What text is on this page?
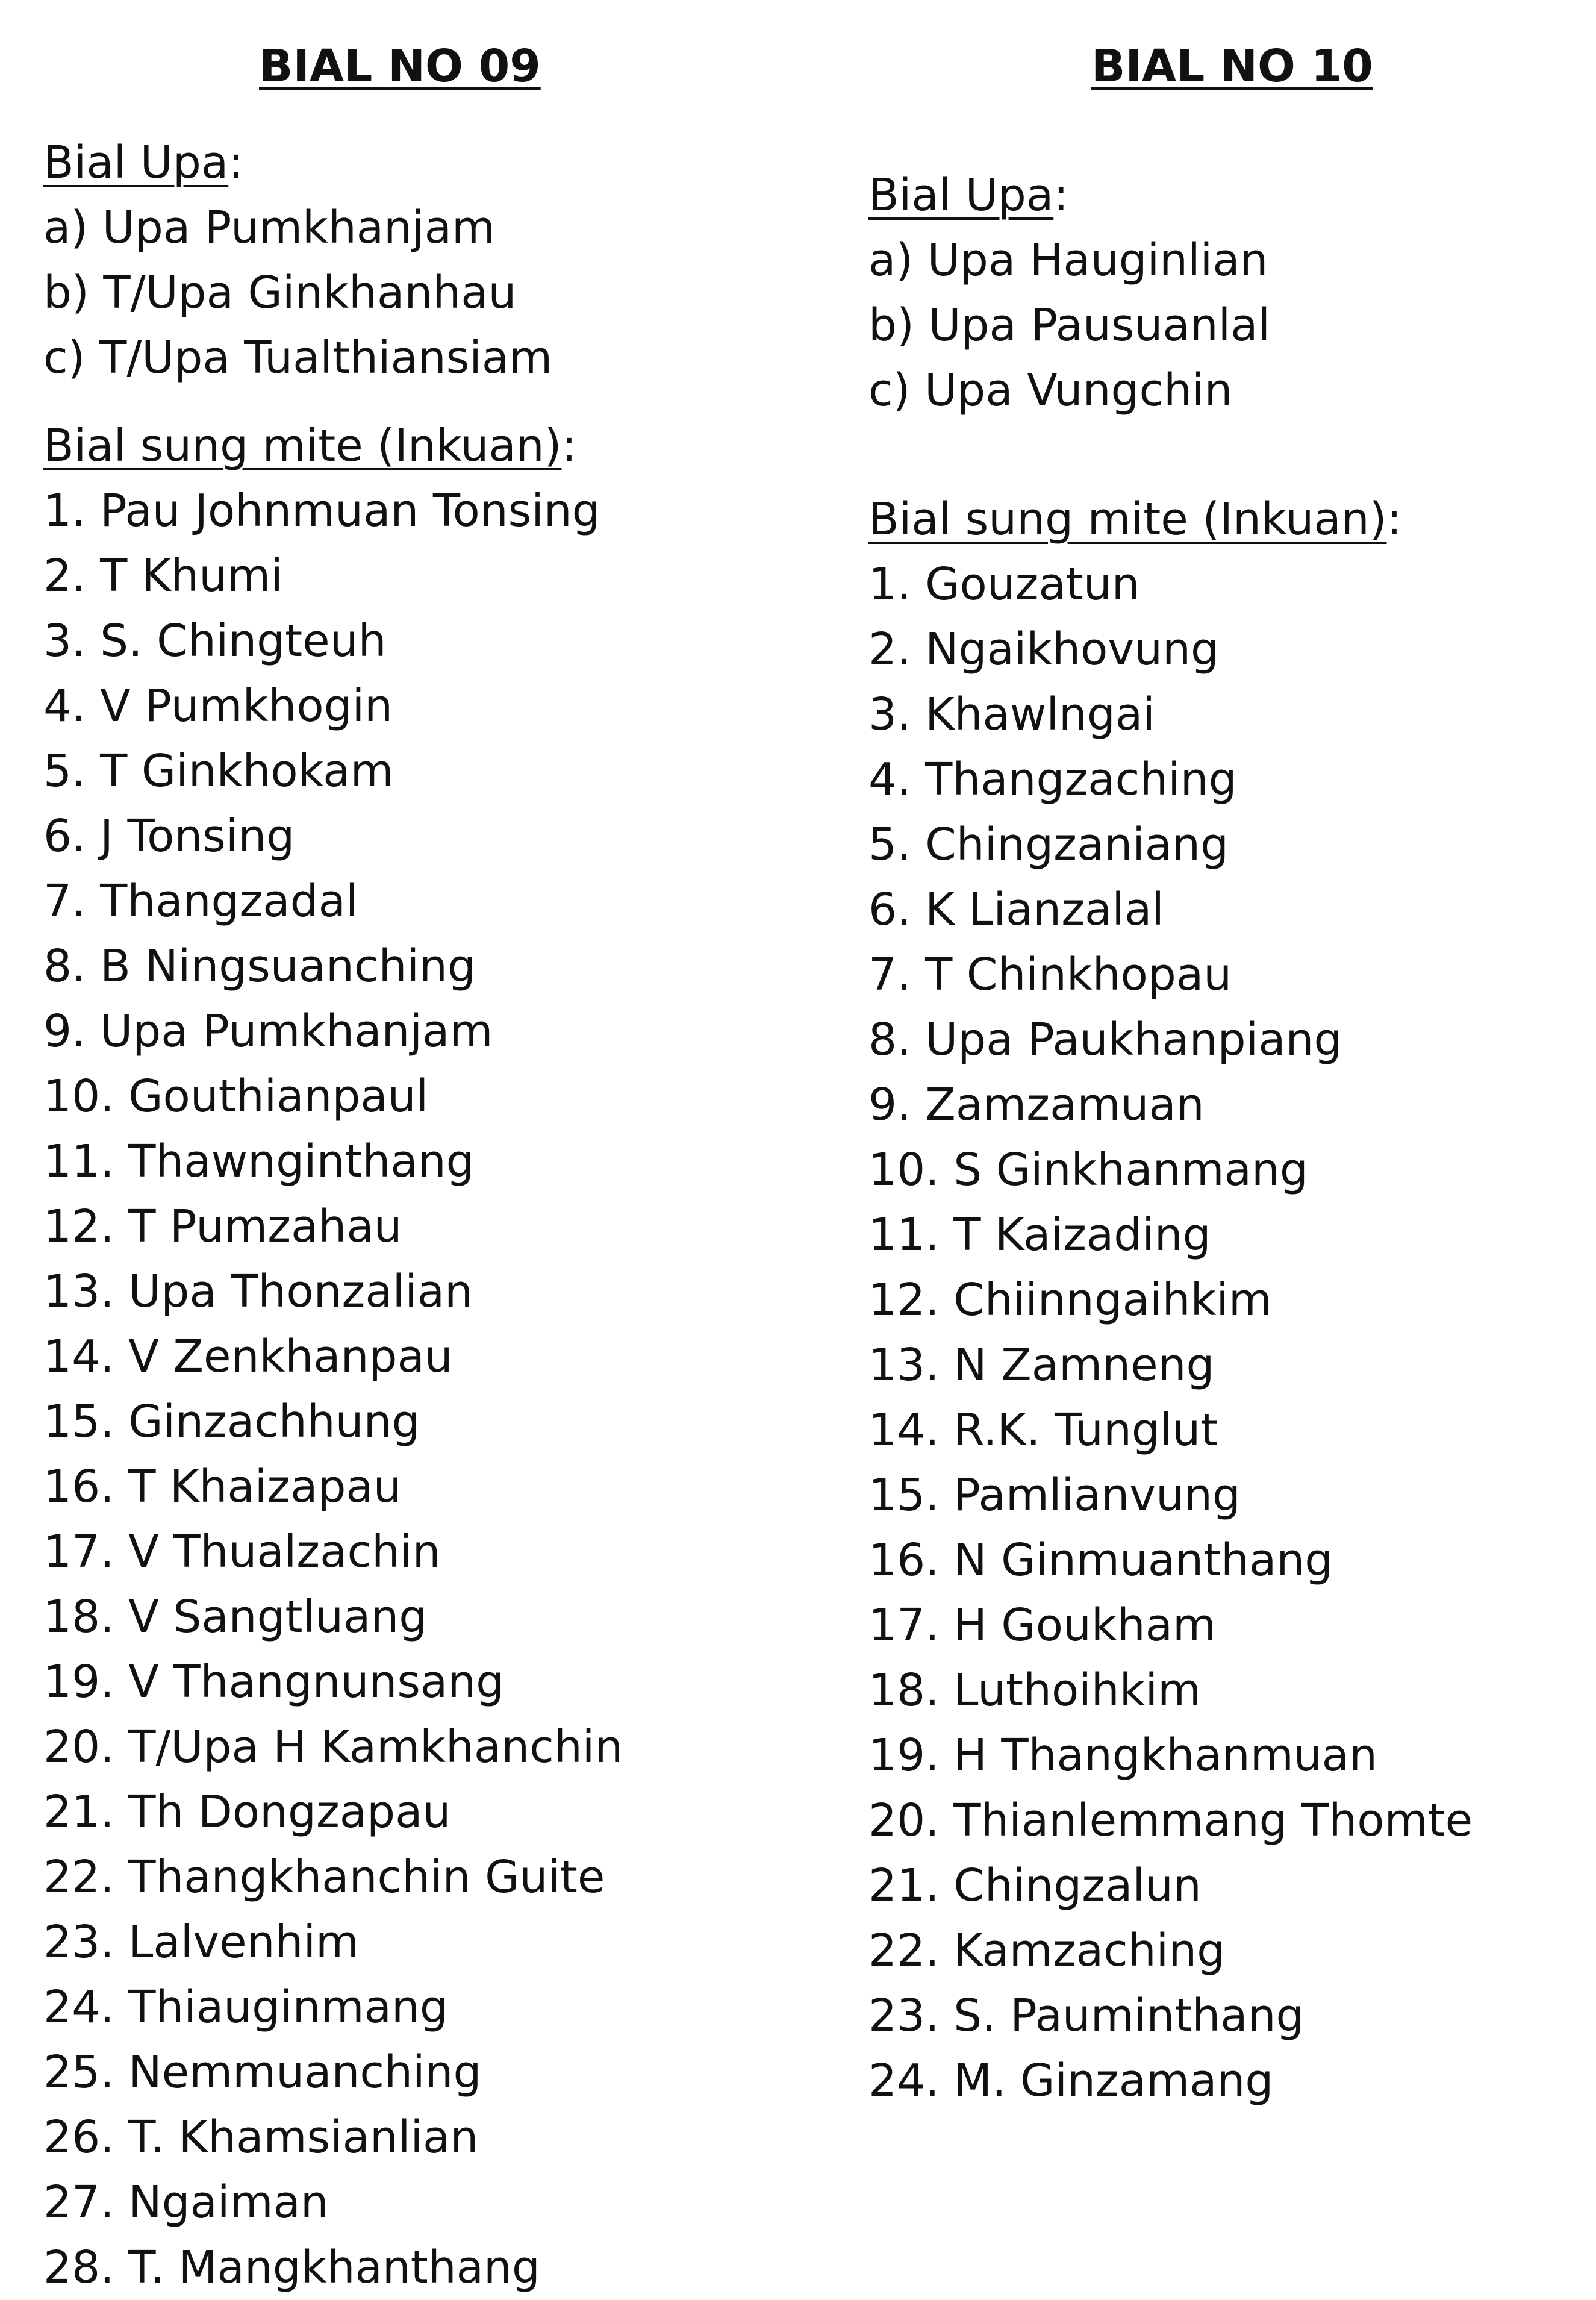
BIAL NO 09
Bial Upa:
a) Upa Pumkhanjam
b) T/Upa Ginkhanhau
c) T/Upa Tualthiansiam
Bial sung mite (Inkuan):
1. Pau Johnmuan Tonsing
2. T Khumi
3. S. Chingteuh
4. V Pumkhogin
5. T Ginkhokam
6. J Tonsing
7. Thangzadal
8. B Ningsuanching
9. Upa Pumkhanjam
10. Gouthianpaul
11. Thawnginthang
12. T Pumzahau
13. Upa Thonzalian
14. V Zenkhanpau
15. Ginzachhung
16. T Khaizapau
17. V Thualzachin
18. V Sangtluang
19. V Thangnunsang
20. T/Upa H Kamkhanchin
21. Th Dongzapau
22. Thangkhanchin Guite
23. Lalvenhim
24. Thiauginmang
25. Nemmuanching
26. T. Khamsianlian
27. Ngaiman
28. T. Mangkhanthang
BIAL NO 10
Bial Upa:
a) Upa Hauginlian
b) Upa Pausuanlal
c) Upa Vungchin
Bial sung mite (Inkuan):
1. Gouzatun
2. Ngaikhovung
3. Khawlngai
4. Thangzaching
5. Chingzaniang
6. K Lianzalal
7. T Chinkhopau
8. Upa Paukhanpiang
9. Zamzamuan
10. S Ginkhanmang
11. T Kaizading
12. Chiinngaihkim
13. N Zamneng
14. R.K. Tunglut
15. Pamlianvung
16. N Ginmuanthang
17. H Goukham
18. Luthoihkim
19. H Thangkhanmuan
20. Thianlemmang Thomte
21. Chingzalun
22. Kamzaching
23. S. Pauminthang
24. M. Ginzamang
